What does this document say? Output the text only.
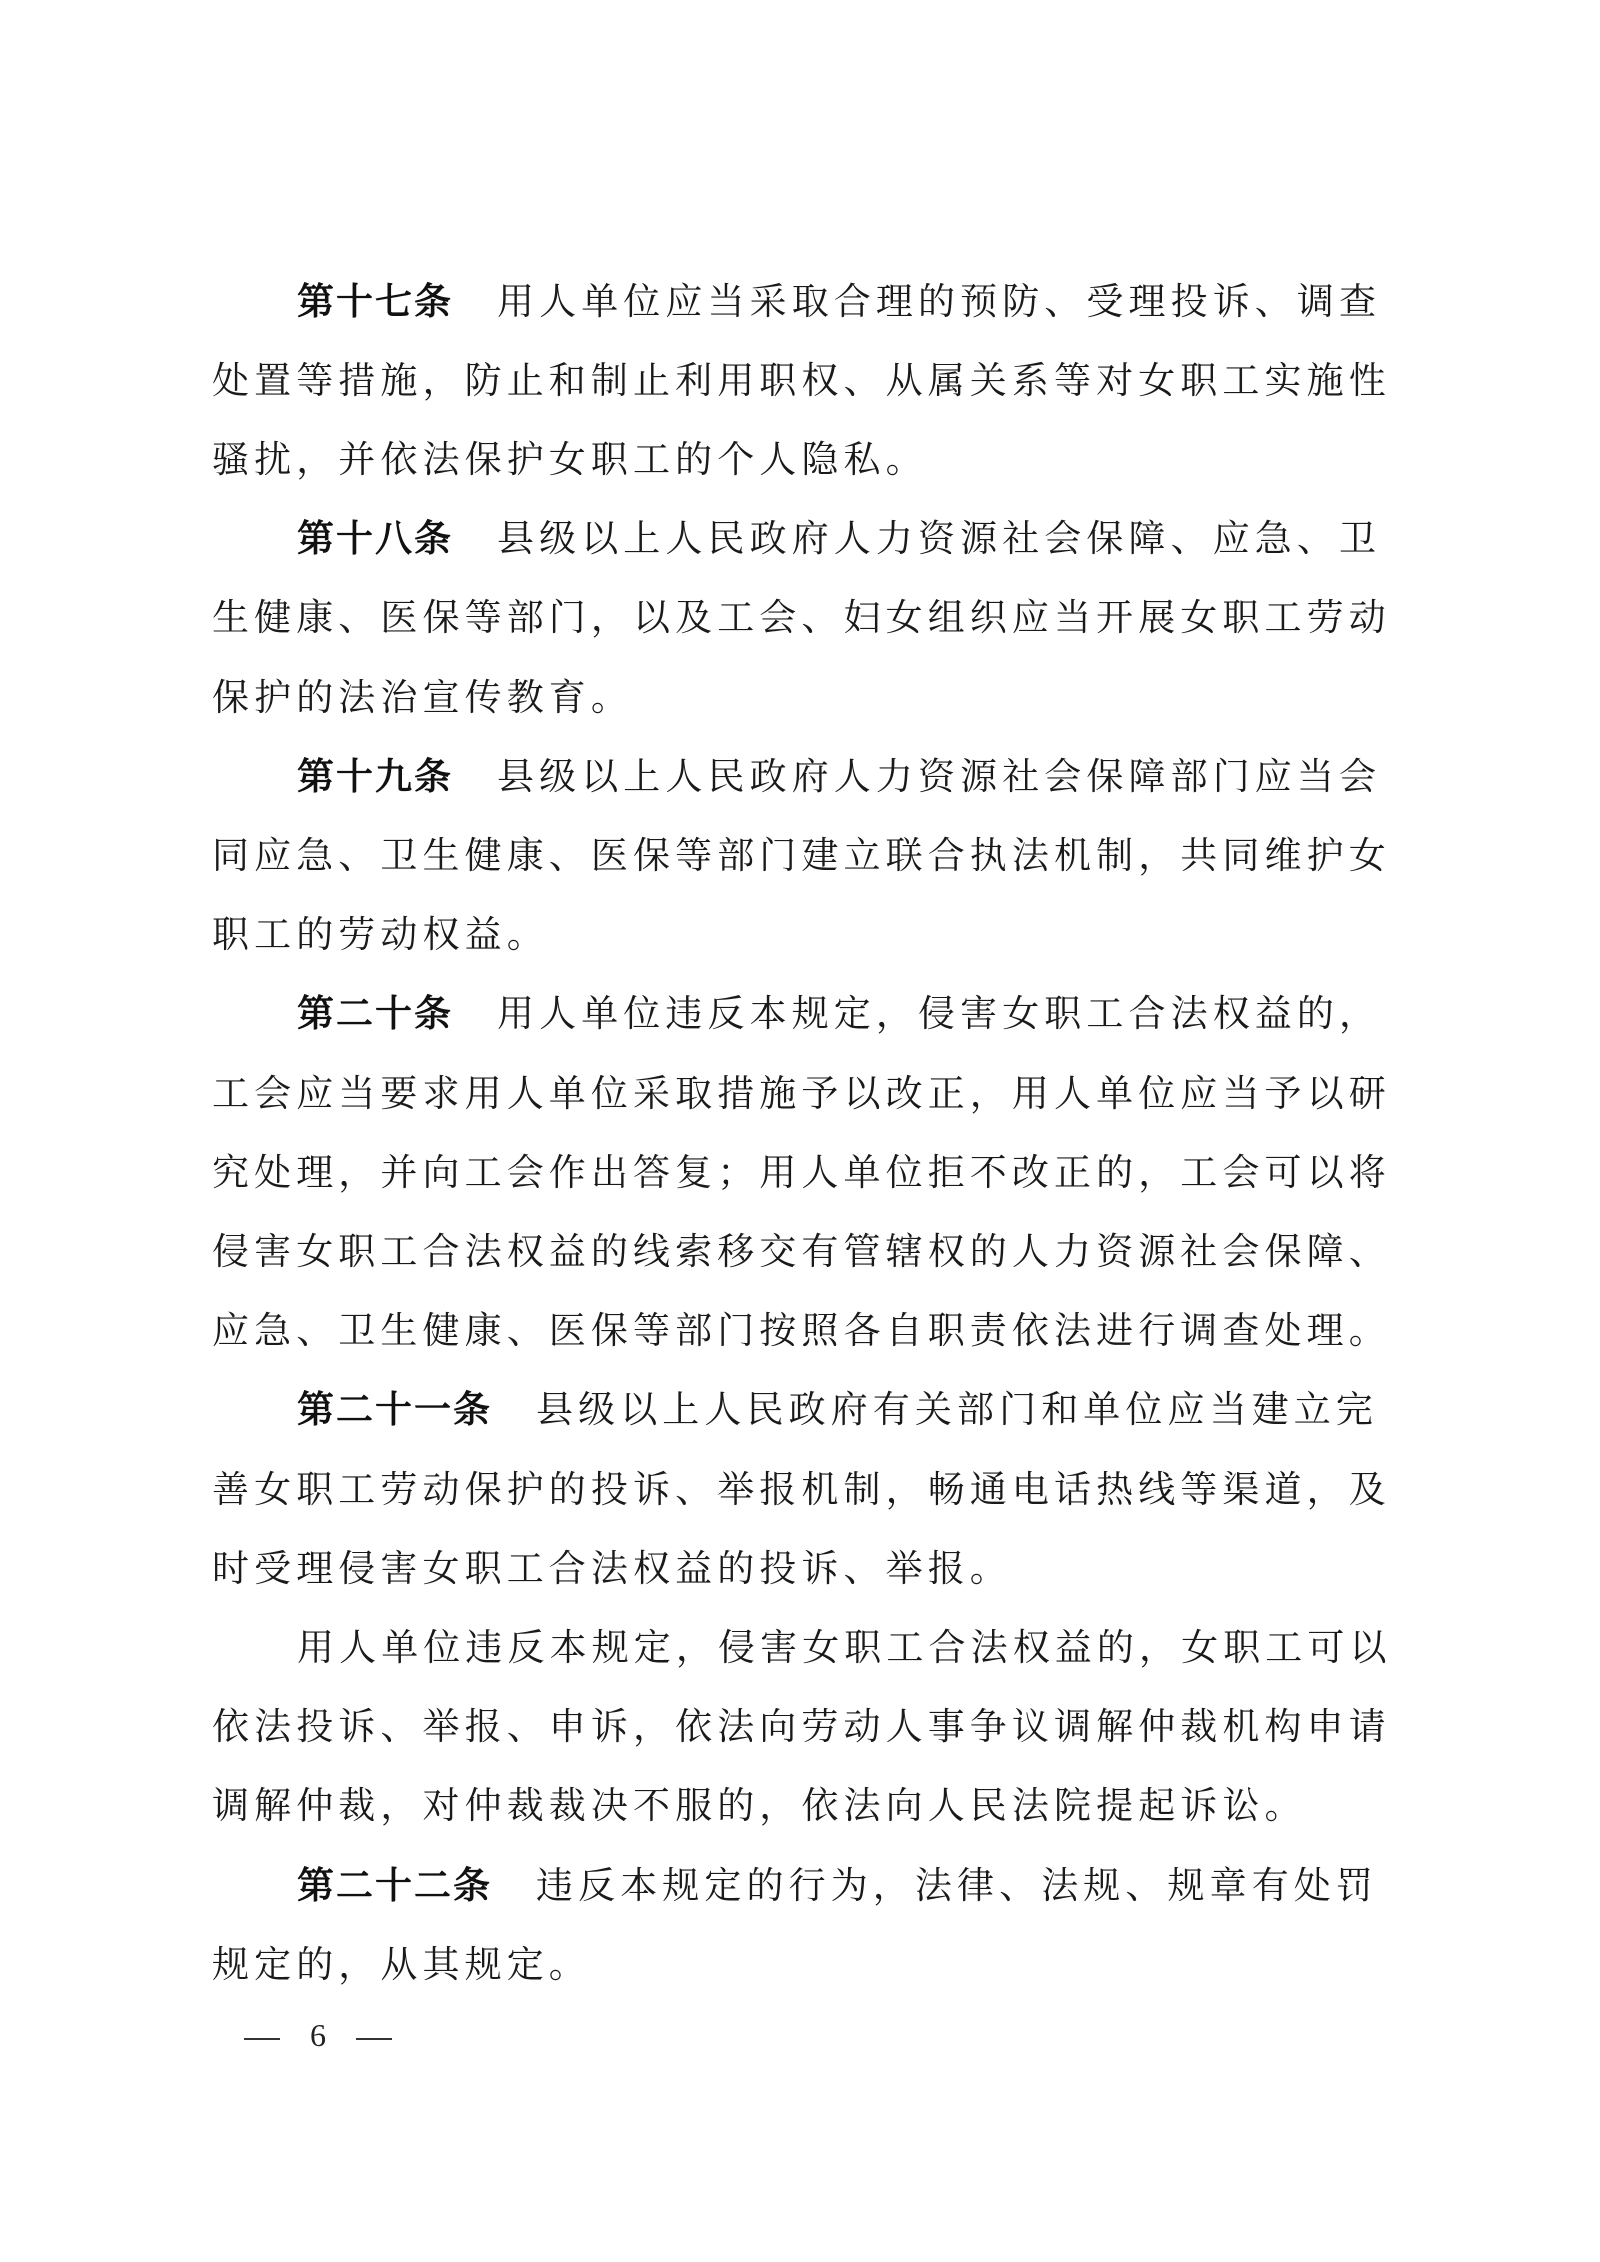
第十七条 用人单位应当采取合理的预防、受理投诉、调查
处置等措施，防止和制止利用职权、从属关系等对女职工实施性
骚扰，并依法保护女职工的个人隐私。
第十八条 县级以上人民政府人力资源社会保障、应急、卫
生健康、医保等部门，以及工会、妇女组织应当开展女职工劳动
保护的法治宣传教育。
第十九条 县级以上人民政府人力资源社会保障部门应当会
同应急、卫生健康、医保等部门建立联合执法机制，共同维护女
职工的劳动权益。
第二十条 用人单位违反本规定，侵害女职工合法权益的，
工会应当要求用人单位采取措施予以改正，用人单位应当予以研
究处理，并向工会作出答复；用人单位拒不改正的，工会可以将
侵害女职工合法权益的线索移交有管辖权的人力资源社会保障、
应急、卫生健康、医保等部门按照各自职责依法进行调查处理。
第二十一条 县级以上人民政府有关部门和单位应当建立完
善女职工劳动保护的投诉、举报机制，畅通电话热线等渠道，及
时受理侵害女职工合法权益的投诉、举报。
用人单位违反本规定，侵害女职工合法权益的，女职工可以
依法投诉、举报、申诉，依法向劳动人事争议调解仲裁机构申请
调解仲裁，对仲裁裁决不服的，依法向人民法院提起诉讼。
第二十二条 违反本规定的行为，法律、法规、规章有处罚
规定的，从其规定。
6
